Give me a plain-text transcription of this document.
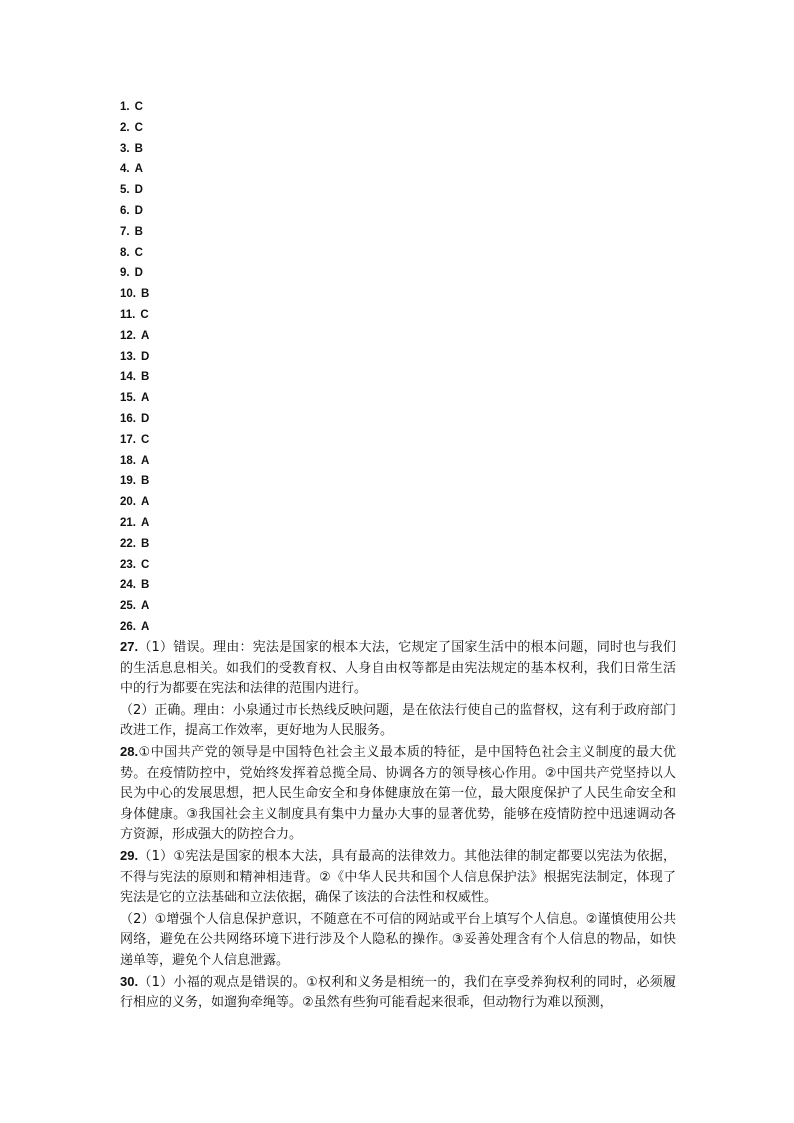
1. C
2. C
3. B
4. A
5. D
6. D
7. B
8. C
9. D
10. B
11. C
12. A
13. D
14. B
15. A
16. D
17. C
18. A
19. B
20. A
21. A
22. B
23. C
24. B
25. A
26. A

27.（1）错误。理由：宪法是国家的根本大法，它规定了国家生活中的根本问题，同时也与我们的生活息息相关。如我们的受教育权、人身自由权等都是由宪法规定的基本权利，我们日常生活中的行为都要在宪法和法律的范围内进行。

（2）正确。理由：小泉通过市长热线反映问题，是在依法行使自己的监督权，这有利于政府部门改进工作，提高工作效率，更好地为人民服务。

28.①中国共产党的领导是中国特色社会主义最本质的特征，是中国特色社会主义制度的最大优势。在疫情防控中，党始终发挥着总揽全局、协调各方的领导核心作用。②中国共产党坚持以人民为中心的发展思想，把人民生命安全和身体健康放在第一位，最大限度保护了人民生命安全和身体健康。③我国社会主义制度具有集中力量办大事的显著优势，能够在疫情防控中迅速调动各方资源，形成强大的防控合力。

29.（1）①宪法是国家的根本大法，具有最高的法律效力。其他法律的制定都要以宪法为依据，不得与宪法的原则和精神相违背。②《中华人民共和国个人信息保护法》根据宪法制定，体现了宪法是它的立法基础和立法依据，确保了该法的合法性和权威性。

（2）①增强个人信息保护意识，不随意在不可信的网站或平台上填写个人信息。②谨慎使用公共网络，避免在公共网络环境下进行涉及个人隐私的操作。③妥善处理含有个人信息的物品，如快递单等，避免个人信息泄露。

30.（1）小福的观点是错误的。①权利和义务是相统一的，我们在享受养狗权利的同时，必须履行相应的义务，如遛狗牵绳等。②虽然有些狗可能看起来很乖，但动物行为难以预测，
